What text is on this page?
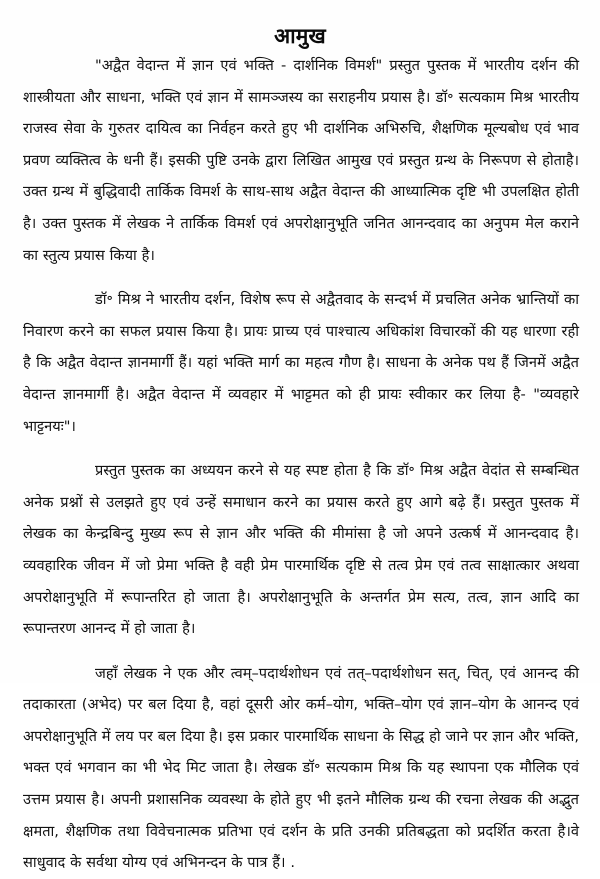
आमुख

"अद्वैत वेदान्त में ज्ञान एवं भक्ति - दार्शनिक विमर्श" प्रस्तुत पुस्तक में भारतीय दर्शन की शास्त्रीयता और साधना, भक्ति एवं ज्ञान में सामञ्जस्य का सराहनीय प्रयास है। डॉ॰ सत्यकाम मिश्र भारतीय राजस्व सेवा के गुरुतर दायित्व का निर्वहन करते हुए भी दार्शनिक अभिरुचि, शैक्षणिक मूल्यबोध एवं भाव प्रवण व्यक्तित्व के धनी हैं। इसकी पुष्टि उनके द्वारा लिखित आमुख एवं प्रस्तुत ग्रन्थ के निरूपण से होताहै। उक्त ग्रन्थ में बुद्धिवादी तार्किक विमर्श के साथ-साथ अद्वैत वेदान्त की आध्यात्मिक दृष्टि भी उपलक्षित होती है। उक्त पुस्तक में लेखक ने तार्किक विमर्श एवं अपरोक्षानुभूति जनित आनन्दवाद का अनुपम मेल कराने का स्तुत्य प्रयास किया है।

डॉ॰ मिश्र ने भारतीय दर्शन, विशेष रूप से अद्वैतवाद के सन्दर्भ में प्रचलित अनेक भ्रान्तियों का निवारण करने का सफल प्रयास किया है। प्रायः प्राच्य एवं पाश्चात्य अधिकांश विचारकों की यह धारणा रही है कि अद्वैत वेदान्त ज्ञानमार्गी हैं। यहां भक्ति मार्ग का महत्व गौण है। साधना के अनेक पथ हैं जिनमें अद्वैत वेदान्त ज्ञानमार्गी है। अद्वैत वेदान्त में व्यवहार में भाट्टमत को ही प्रायः स्वीकार कर लिया है- "व्यवहारे भाट्टनयः"।

प्रस्तुत पुस्तक का अध्ययन करने से यह स्पष्ट होता है कि डॉ॰ मिश्र अद्वैत वेदांत से सम्बन्धित अनेक प्रश्नों से उलझते हुए एवं उन्हें समाधान करने का प्रयास करते हुए आगे बढ़े हैं। प्रस्तुत पुस्तक में लेखक का केन्द्रबिन्दु मुख्य रूप से ज्ञान और भक्ति की मीमांसा है जो अपने उत्कर्ष में आनन्दवाद है। व्यवहारिक जीवन में जो प्रेमा भक्ति है वही प्रेम पारमार्थिक दृष्टि से तत्व प्रेम एवं तत्व साक्षात्कार अथवा अपरोक्षानुभूति में रूपान्तरित हो जाता है। अपरोक्षानुभूति के अन्तर्गत प्रेम सत्य, तत्व, ज्ञान आदि का रूपान्तरण आनन्द में हो जाता है।

जहाँ लेखक ने एक और त्वम्–पदार्थशोधन एवं तत्–पदार्थशोधन सत्, चित्, एवं आनन्द की तदाकारता (अभेद) पर बल दिया है, वहां दूसरी ओर कर्म–योग, भक्ति–योग एवं ज्ञान–योग के आनन्द एवं अपरोक्षानुभूति में लय पर बल दिया है। इस प्रकार पारमार्थिक साधना के सिद्ध हो जाने पर ज्ञान और भक्ति, भक्त एवं भगवान का भी भेद मिट जाता है। लेखक डॉ॰ सत्यकाम मिश्र कि यह स्थापना एक मौलिक एवं उत्तम प्रयास है। अपनी प्रशासनिक व्यवस्था के होते हुए भी इतने मौलिक ग्रन्थ की रचना लेखक की अद्भुत क्षमता, शैक्षणिक तथा विवेचनात्मक प्रतिभा एवं दर्शन के प्रति उनकी प्रतिबद्धता को प्रदर्शित करता है।वे साधुवाद के सर्वथा योग्य एवं अभिनन्दन के पात्र हैं। .
